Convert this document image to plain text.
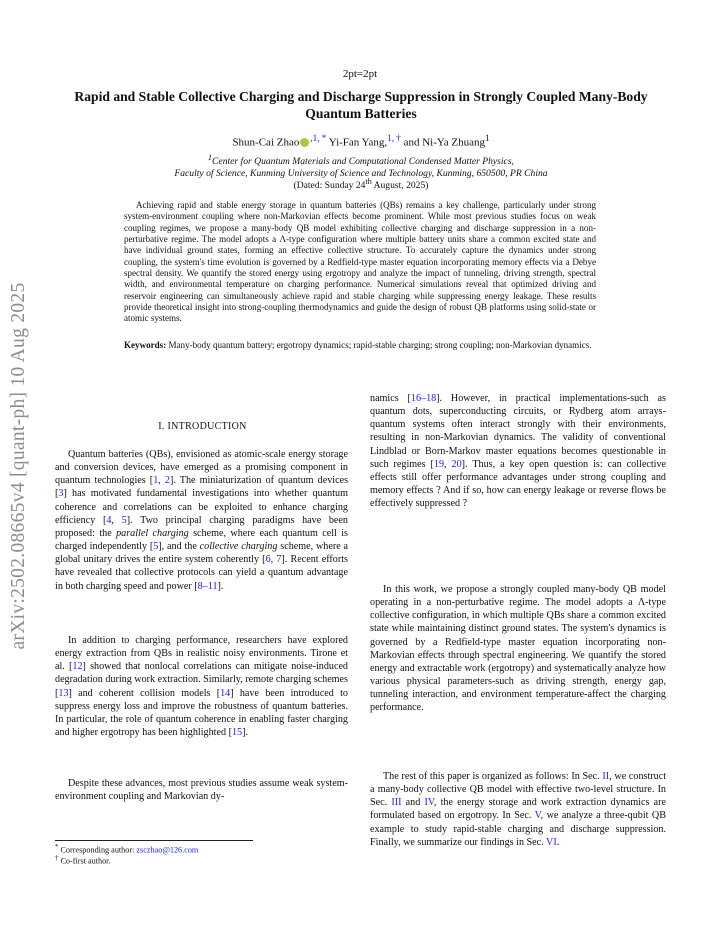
arXiv:2502.08665v4 [quant-ph] 10 Aug 2025
2pt=2pt
Rapid and Stable Collective Charging and Discharge Suppression in Strongly Coupled Many-Body Quantum Batteries
Shun-Cai Zhao $^{,1, *}$ Yi-Fan Yang,$^{1, \dagger}$ and Ni-Ya Zhuang$^1$
$^1$Center for Quantum Materials and Computational Condensed Matter Physics,
Faculty of Science, Kunming University of Science and Technology, Kunming, 650500, PR China
(Dated: Sunday 24th August, 2025)
Achieving rapid and stable energy storage in quantum batteries (QBs) remains a key challenge, particularly under strong system-environment coupling where non-Markovian effects become prominent. While most previous studies focus on weak coupling regimes, we propose a many-body QB model exhibiting collective charging and discharge suppression in a non-perturbative regime. The model adopts a Λ-type configuration where multiple battery units share a common excited state and have individual ground states, forming an effective collective structure. To accurately capture the dynamics under strong coupling, the system's time evolution is governed by a Redfield-type master equation incorporating memory effects via a Debye spectral density. We quantify the stored energy using ergotropy and analyze the impact of tunneling, driving strength, spectral width, and environmental temperature on charging performance. Numerical simulations reveal that optimized driving and reservoir engineering can simultaneously achieve rapid and stable charging while suppressing energy leakage. These results provide theoretical insight into strong-coupling thermodynamics and guide the design of robust QB platforms using solid-state or atomic systems.
Keywords: Many-body quantum battery; ergotropy dynamics; rapid-stable charging; strong coupling; non-Markovian dynamics.
I. INTRODUCTION

Quantum batteries (QBs), envisioned as atomic-scale energy storage and conversion devices, have emerged as a promising component in quantum technologies [1, 2]. The miniaturization of quantum devices [3] has motivated fundamental investigations into whether quantum coherence and correlations can be exploited to enhance charging efficiency [4, 5]. Two principal charging paradigms have been proposed: the parallel charging scheme, where each quantum cell is charged independently [5], and the collective charging scheme, where a global unitary drives the entire system coherently [6, 7]. Recent efforts have revealed that collective protocols can yield a quantum advantage in both charging speed and power [8–11].

In addition to charging performance, researchers have explored energy extraction from QBs in realistic noisy environments. Tirone et al. [12] showed that nonlocal correlations can mitigate noise-induced degradation during work extraction. Similarly, remote charging schemes [13] and coherent collision models [14] have been introduced to suppress energy loss and improve the robustness of quantum batteries. In particular, the role of quantum coherence in enabling faster charging and higher ergotropy has been highlighted [15].

Despite these advances, most previous studies assume weak system-environment coupling and Markovian dy-

namics [16–18]. However, in practical implementations-such as quantum dots, superconducting circuits, or Rydberg atom arrays-quantum systems often interact strongly with their environments, resulting in non-Markovian dynamics. The validity of conventional Lindblad or Born-Markov master equations becomes questionable in such regimes [19, 20]. Thus, a key open question is: can collective effects still offer performance advantages under strong coupling and memory effects ? And if so, how can energy leakage or reverse flows be effectively suppressed ?

In this work, we propose a strongly coupled many-body QB model operating in a non-perturbative regime. The model adopts a Λ-type collective configuration, in which multiple QBs share a common excited state while maintaining distinct ground states. The system's dynamics is governed by a Redfield-type master equation incorporating non-Markovian effects through spectral engineering. We quantify the stored energy and extractable work (ergotropy) and systematically analyze how various physical parameters-such as driving strength, energy gap, tunneling interaction, and environment temperature-affect the charging performance.

The rest of this paper is organized as follows: In Sec. II, we construct a many-body collective QB model with effective two-level structure. In Sec. III and IV, the energy storage and work extraction dynamics are formulated based on ergotropy. In Sec. V, we analyze a three-qubit QB example to study rapid-stable charging and discharge suppression. Finally, we summarize our findings in Sec. VI.

* Corresponding author: zsczhao@126.com
† Co-first author.
